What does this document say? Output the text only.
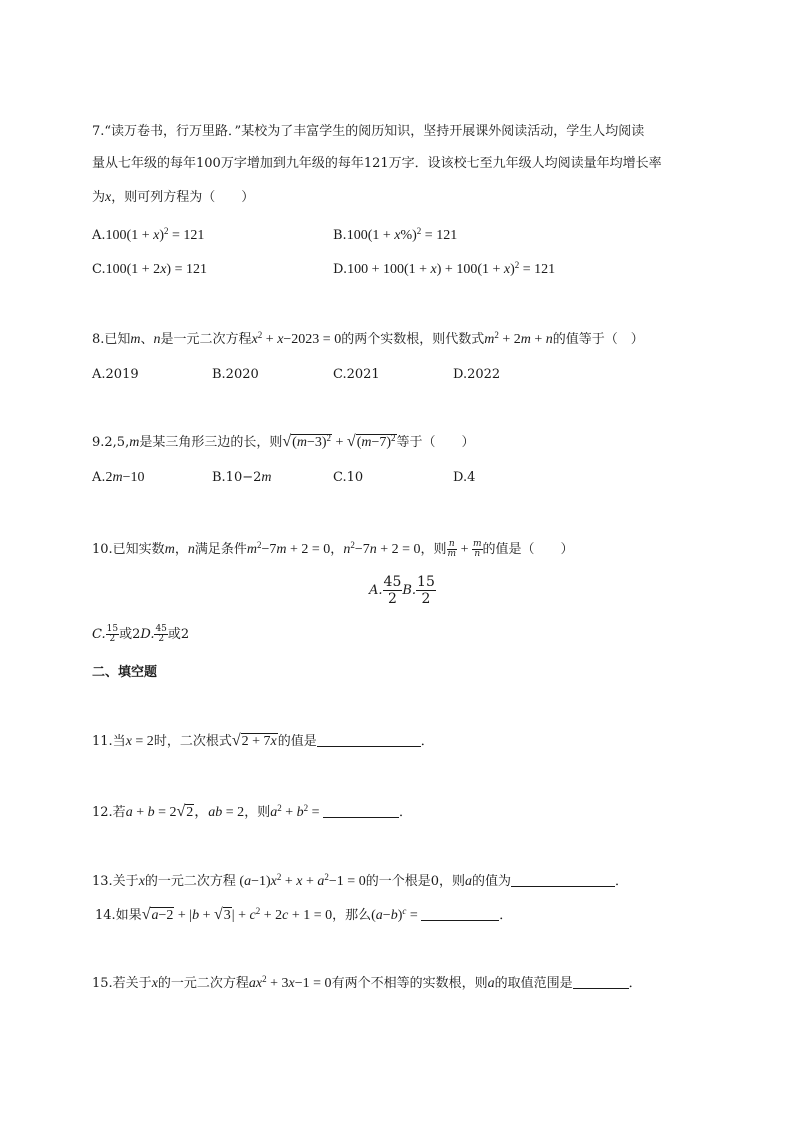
7.“读万卷书，行万里路．”某校为了丰富学生的阅历知识，坚持开展课外阅读活动，学生人均阅读
量从七年级的每年100万字增加到九年级的每年121万字．设该校七至九年级人均阅读量年均增长率
为x，则可列方程为（　　）
$A.100(1 + x)^2 = 121$	$B.100(1 + x\%)^2 = 121$
C.100(1 + 2x) = 121	$D.100 + 100(1 + x) + 100(1 + x)^2 = 121$
8.已知m、n是一元二次方程$x^2 + x-2023 = 0$的两个实数根，则代数式$m^2 + 2m + n$的值等于（　）
A.2019	B.2020	C.2021	D.2022
9.2,5,m是某三角形三边的长，则$√(m-3)^2 + √(m-7)^2$等于（　　）
A.2m−10	B.10−2m	C.10	D.4
10.已知实数m，n满足条件$m^2-7m + 2 = 0$，$n^2-7n + 2 = 0$，则 $\frac{n}{m} + \frac{m}{n}$ 的值是（　　）
A. $\frac{45}{2} B$. $\frac{15}{2}$
C. $\frac{15}{2}$ 或2D. $\frac{45}{2}$ 或2
二、填空题
11.当x = 2时，二次根式√2 + 7x的值是	．
12.若a + b = 2√2，ab = 2，则$a^2 + b^2$ =	．
13.关于x的一元二次方程 $(a-1)x^2 + x + a^2-1 = 0$的一个根是0，则a的值为	．
14.如果$√a-2 + |b + √3| + c^2 + 2c + 1 = 0$，那么$(a-b)^c$ =	．
15.若关于x的一元二次方程$ax^2 + 3x-1 = 0$有两个不相等的实数根，则a的取值范围是	．
